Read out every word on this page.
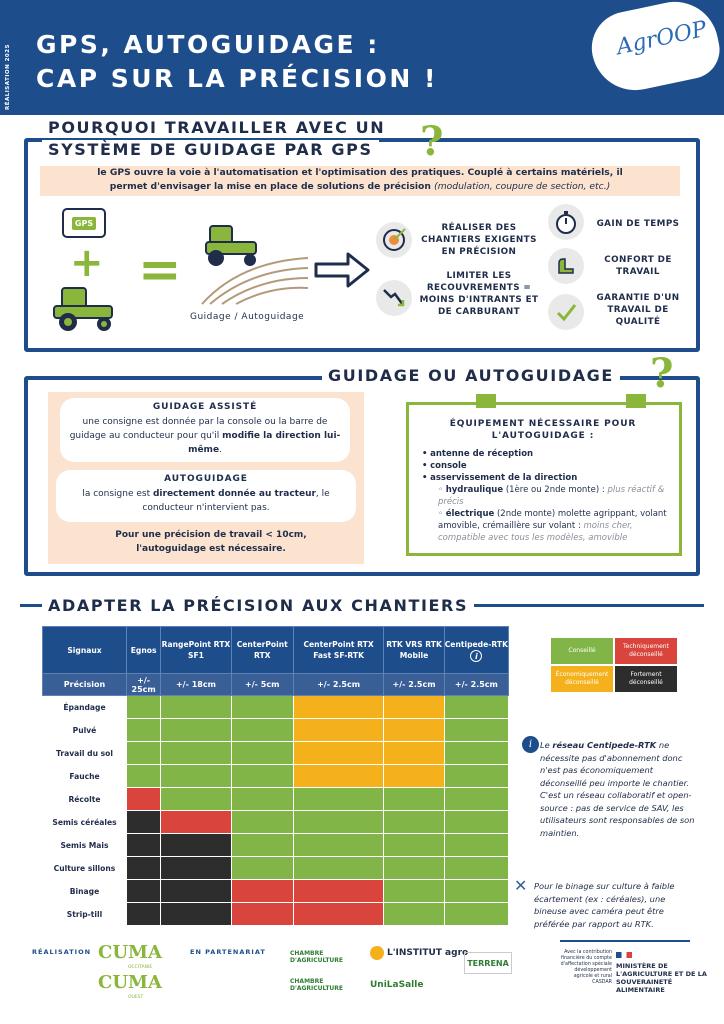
RÉALISATION 2025	GPS, AUTOGUIDAGE :
CAP SUR LA PRÉCISION !
AgrOOP
POURQUOI TRAVAILLER AVEC UN
SYSTÈME DE GUIDAGE PAR GPS ?
le GPS ouvre la voie à l'automatisation et l'optimisation des pratiques. Couplé à certains matériels, il
permet d'envisager la mise en place de solutions de précision (modulation, coupure de section, etc.)
GPS
+ =
Guidage / Autoguidage
RÉALISER DES CHANTIERS EXIGENTS EN PRÉCISION
LIMITER LES RECOUVREMENTS = MOINS D'INTRANTS ET DE CARBURANT
GAIN DE TEMPS
CONFORT DE TRAVAIL
GARANTIE D'UN TRAVAIL DE QUALITÉ
GUIDAGE OU AUTOGUIDAGE ?
GUIDAGE ASSISTÉ
une consigne est donnée par la console ou la barre de guidage au conducteur pour qu'il modifie la direction lui-même.
AUTOGUIDAGE
la consigne est directement donnée au tracteur, le conducteur n'intervient pas.
Pour une précision de travail < 10cm, l'autoguidage est nécessaire.
ÉQUIPEMENT NÉCESSAIRE POUR L'AUTOGUIDAGE :
• antenne de réception
• console
• asservissement de la direction
◦ hydraulique (1ère ou 2nde monte) : plus réactif & précis
◦ électrique (2nde monte) molette agrippant, volant amovible, crémaillère sur volant : moins cher, compatible avec tous les modèles, amovible
ADAPTER LA PRÉCISION AUX CHANTIERS
Signaux	Egnos	RangePoint RTX SF1	CenterPoint RTX	CenterPoint RTX Fast SF-RTK	RTK VRS RTK Mobile	Centipede-RTK i
Précision	+/- 25cm	+/- 18cm	+/- 5cm	+/- 2.5cm	+/- 2.5cm	+/- 2.5cm
Épandage						
Pulvé						
Travail du sol						
Fauche						
Récolte						
Semis céréales						
Semis Mais						
Culture sillons						
Binage						
Strip-till						
Conseillé
Techniquement déconseillé
Économiquement déconseillé
Fortement déconseillé
i Le réseau Centipede-RTK ne nécessite pas d'abonnement donc n'est pas économiquement déconseillé peu importe le chantier. C'est un réseau collaboratif et open-source : pas de service de SAV, les utilisateurs sont responsables de son maintien.
✕ Pour le binage sur culture à faible écartement (ex : céréales), une bineuse avec caméra peut être préférée par rapport au RTK.
RÉALISATION CUMA
OCCITANIE
CUMA
OUEST
EN PARTENARIAT	CHAMBRE D'AGRICULTURE
CHAMBRE D'AGRICULTURE
L'INSTITUT agro
UniLaSalle
TERRENA
Avec la contribution financière du compte d'affectation spéciale développement agricole et rural CASDAR
MINISTÈRE DE L'AGRICULTURE ET DE LA SOUVERAINETÉ ALIMENTAIRE
